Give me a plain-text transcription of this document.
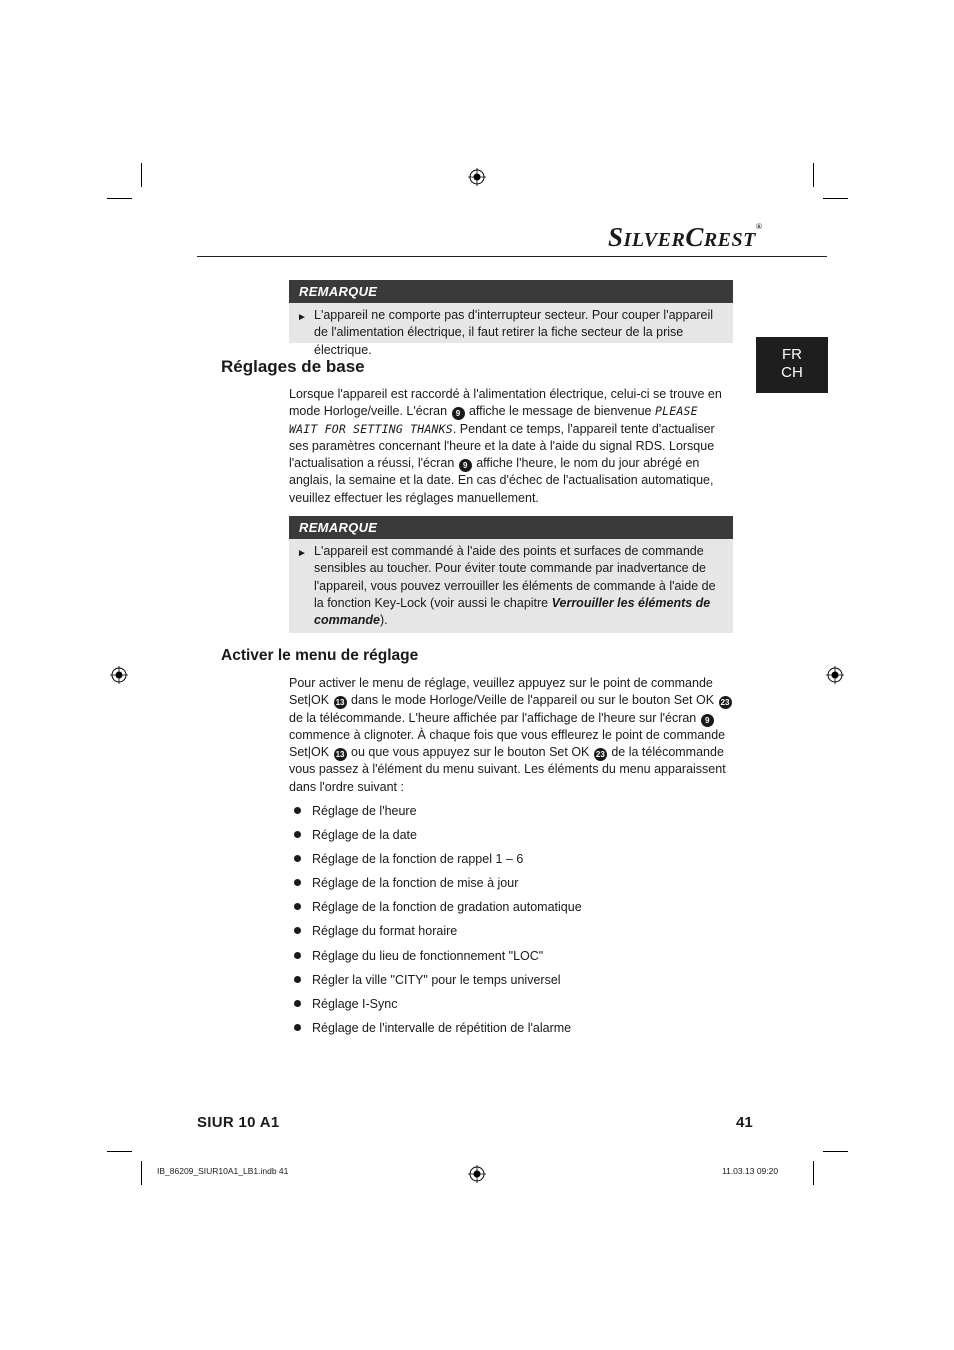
SILVERCREST®
FR
CH
REMARQUE
► L'appareil ne comporte pas d'interrupteur secteur. Pour couper l'appareil de l'alimentation électrique, il faut retirer la fiche secteur de la prise électrique.
Réglages de base
Lorsque l'appareil est raccordé à l'alimentation électrique, celui-ci se trouve en mode Horloge/veille. L'écran 9 affiche le message de bienvenue PLEASE WAIT FOR SETTING THANKS. Pendant ce temps, l'appareil tente d'actualiser ses paramètres concernant l'heure et la date à l'aide du signal RDS. Lorsque l'actualisation a réussi, l'écran 9 affiche l'heure, le nom du jour abrégé en anglais, la semaine et la date. En cas d'échec de l'actualisation automatique, veuillez effectuer les réglages manuellement.
REMARQUE
► L'appareil est commandé à l'aide des points et surfaces de commande sensibles au toucher. Pour éviter toute commande par inadvertance de l'appareil, vous pouvez verrouiller les éléments de commande à l'aide de la fonction Key-Lock (voir aussi le chapitre Verrouiller les éléments de commande).
Activer le menu de réglage
Pour activer le menu de réglage, veuillez appuyez sur le point de commande Set|OK 13 dans le mode Horloge/Veille de l'appareil ou sur le bouton Set OK 23 de la télécommande. L'heure affichée par l'affichage de l'heure sur l'écran 9 commence à clignoter. À chaque fois que vous effleurez le point de commande Set|OK 13 ou que vous appuyez sur le bouton Set OK 23 de la télécommande vous passez à l'élément du menu suivant. Les éléments du menu apparaissent dans l'ordre suivant :
Réglage de l'heure
Réglage de la date
Réglage de la fonction de rappel 1 – 6
Réglage de la fonction de mise à jour
Réglage de la fonction de gradation automatique
Réglage du format horaire
Réglage du lieu de fonctionnement "LOC"
Régler la ville "CITY" pour le temps universel
Réglage I-Sync
Réglage de l'intervalle de répétition de l'alarme
SIUR 10 A1	41
IB_86209_SIUR10A1_LB1.indb 41	11.03.13 09:20
